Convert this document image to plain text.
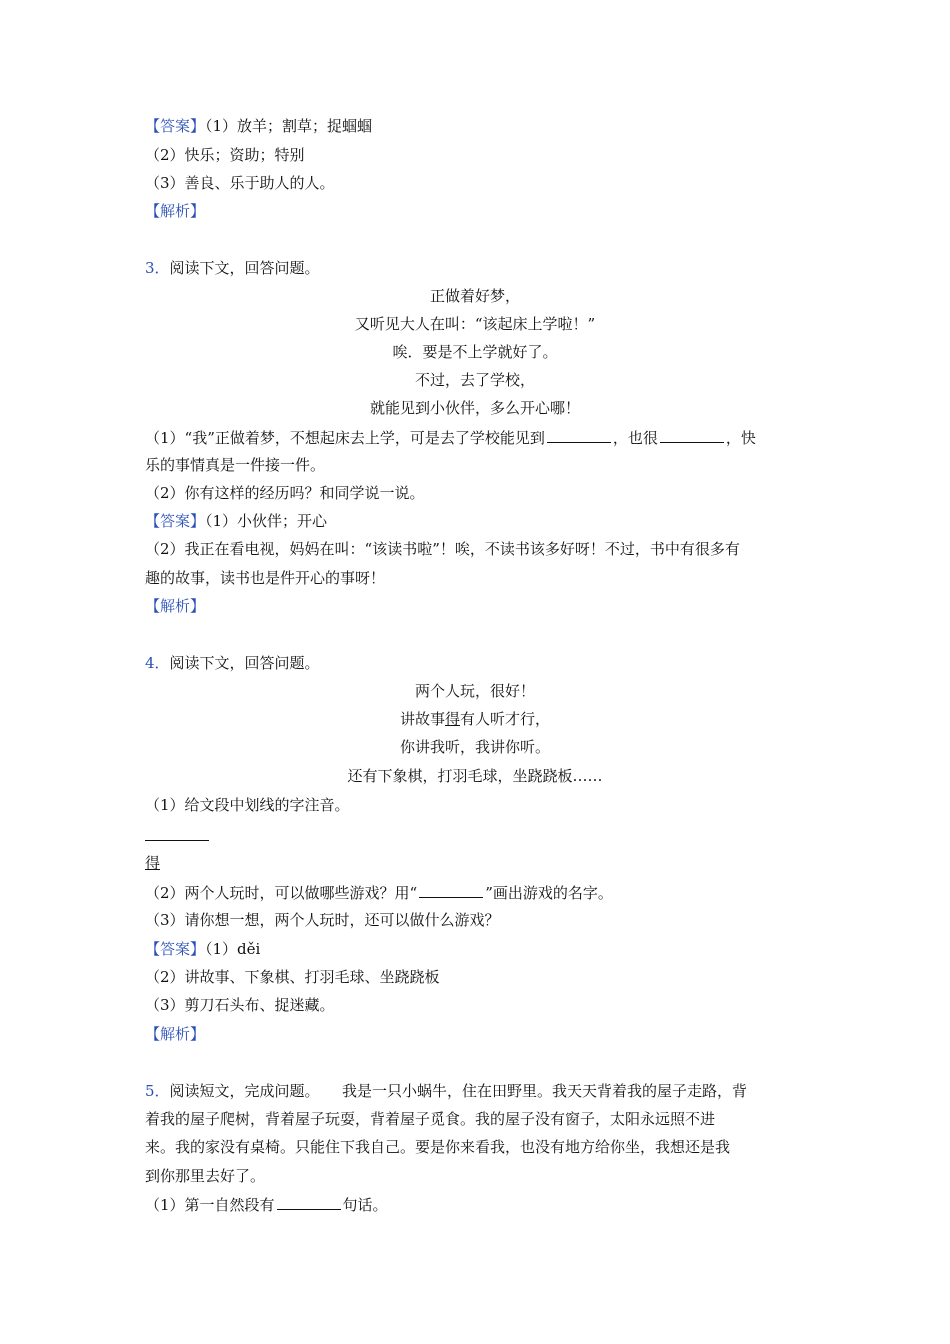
【答案】（1）放羊；割草；捉蝈蝈
（2）快乐；资助；特别
（3）善良、乐于助人的人。
【解析】
3．阅读下文，回答问题。
正做着好梦，
又听见大人在叫：“该起床上学啦！”
唉．要是不上学就好了。
不过，去了学校，
就能见到小伙伴，多么开心哪！
（1）“我”正做着梦，不想起床去上学，可是去了学校能见到	，也很	，快
乐的事情真是一件接一件。
（2）你有这样的经历吗？和同学说一说。
【答案】（1）小伙伴；开心
（2）我正在看电视，妈妈在叫：“该读书啦”！唉，不读书该多好呀！不过，书中有很多有
趣的故事，读书也是件开心的事呀！
【解析】
4．阅读下文，回答问题。
两个人玩，很好！
讲故事得有人听才行，
你讲我听，我讲你听。
还有下象棋，打羽毛球，坐跷跷板……
（1）给文段中划线的字注音。
得
（2）两个人玩时，可以做哪些游戏？用“	”画出游戏的名字。
（3）请你想一想，两个人玩时，还可以做什么游戏？
【答案】（1）děi
（2）讲故事、下象棋、打羽毛球、坐跷跷板
（3）剪刀石头布、捉迷藏。
【解析】
5．阅读短文，完成问题。　　我是一只小蜗牛，住在田野里。我天天背着我的屋子走路，背
着我的屋子爬树，背着屋子玩耍，背着屋子觅食。我的屋子没有窗子，太阳永远照不进
来。我的家没有桌椅。只能住下我自己。要是你来看我，也没有地方给你坐，我想还是我
到你那里去好了。
（1）第一自然段有	句话。
